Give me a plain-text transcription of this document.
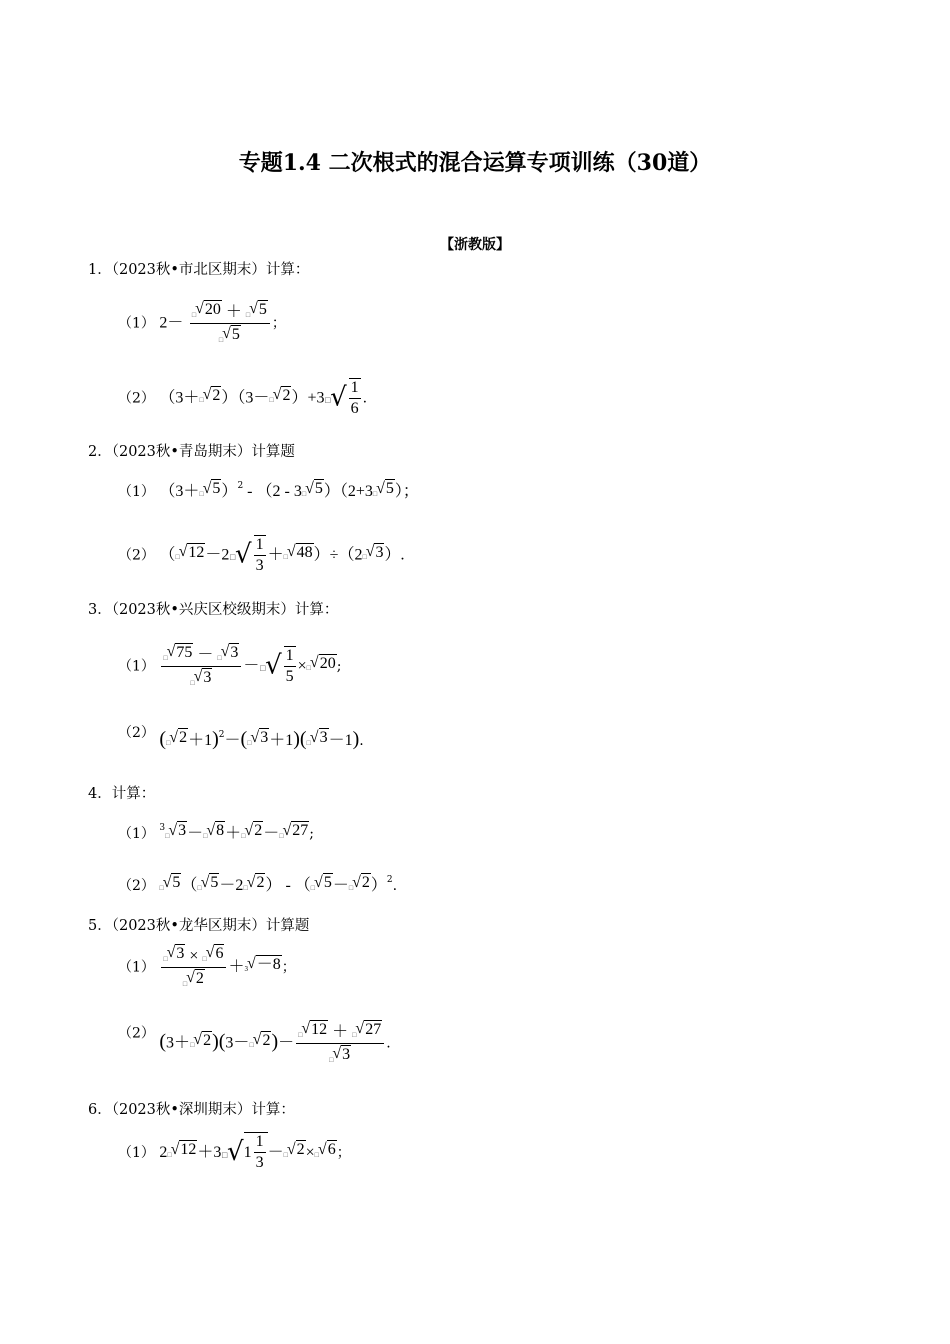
专题1.4 二次根式的混合运算专项训练（30道）
【浙教版】
1．（2023秋•市北区期末）计算：
（1） $2- \frac{□ √ 20 + □ √ 5}{□ √ 5}$ ；
（2） （3＋ □ √ 2 ）（3－ □ √ 2 ）+3□√ $\frac{1}{6}$ .
2．（2023秋•青岛期末）计算题
（1） （3＋ □ √ 5 ）$^2$ - （2 - 3 □ √ 5 ）（2+3 □ √ 5 ）；
（2） （ □ √ 12 －2□√ $\frac{1}{3}$ ＋ □ √ 48 ）÷（2 □ √ 3 ）.
3．（2023秋•兴庆区校级期末）计算：
$(1) \frac{□ √ 75 - □ √ 3}{□ √ 3}$ －□√ $\frac{1}{5}$ × □ √ 20 ;
（2） ( □ √ 2 ＋1)$^2$－( □ √ 3 ＋1)( □ √ 3 －1).
4．计算：
（1） $^3$
□ √ 3 － □ √ 8 ＋ □ √ 2 － □ √ 27 ;
（2） □ √ 5 （ □ √ 5 －2 □ √ 2 ） - （ □ √ 5 － □ √ 2 ）$^2$.
5．（2023秋•龙华区期末）计算题
$(1) \frac{□ √ 3 \times □ √ 6}{□ √ 2} + 3$ √ －8 ；
（2） (3＋ □ √ 2 )(3－ □ √ 2 )－ $\frac{□ √ 12 + □ √ 27}{□ √ 3}$ .
6．（2023秋•深圳期末）计算：
（1） 2 □ √ 12 ＋3□√ $1 \frac{1}{3}$ － □ √ 2 × □ √ 6 ；
